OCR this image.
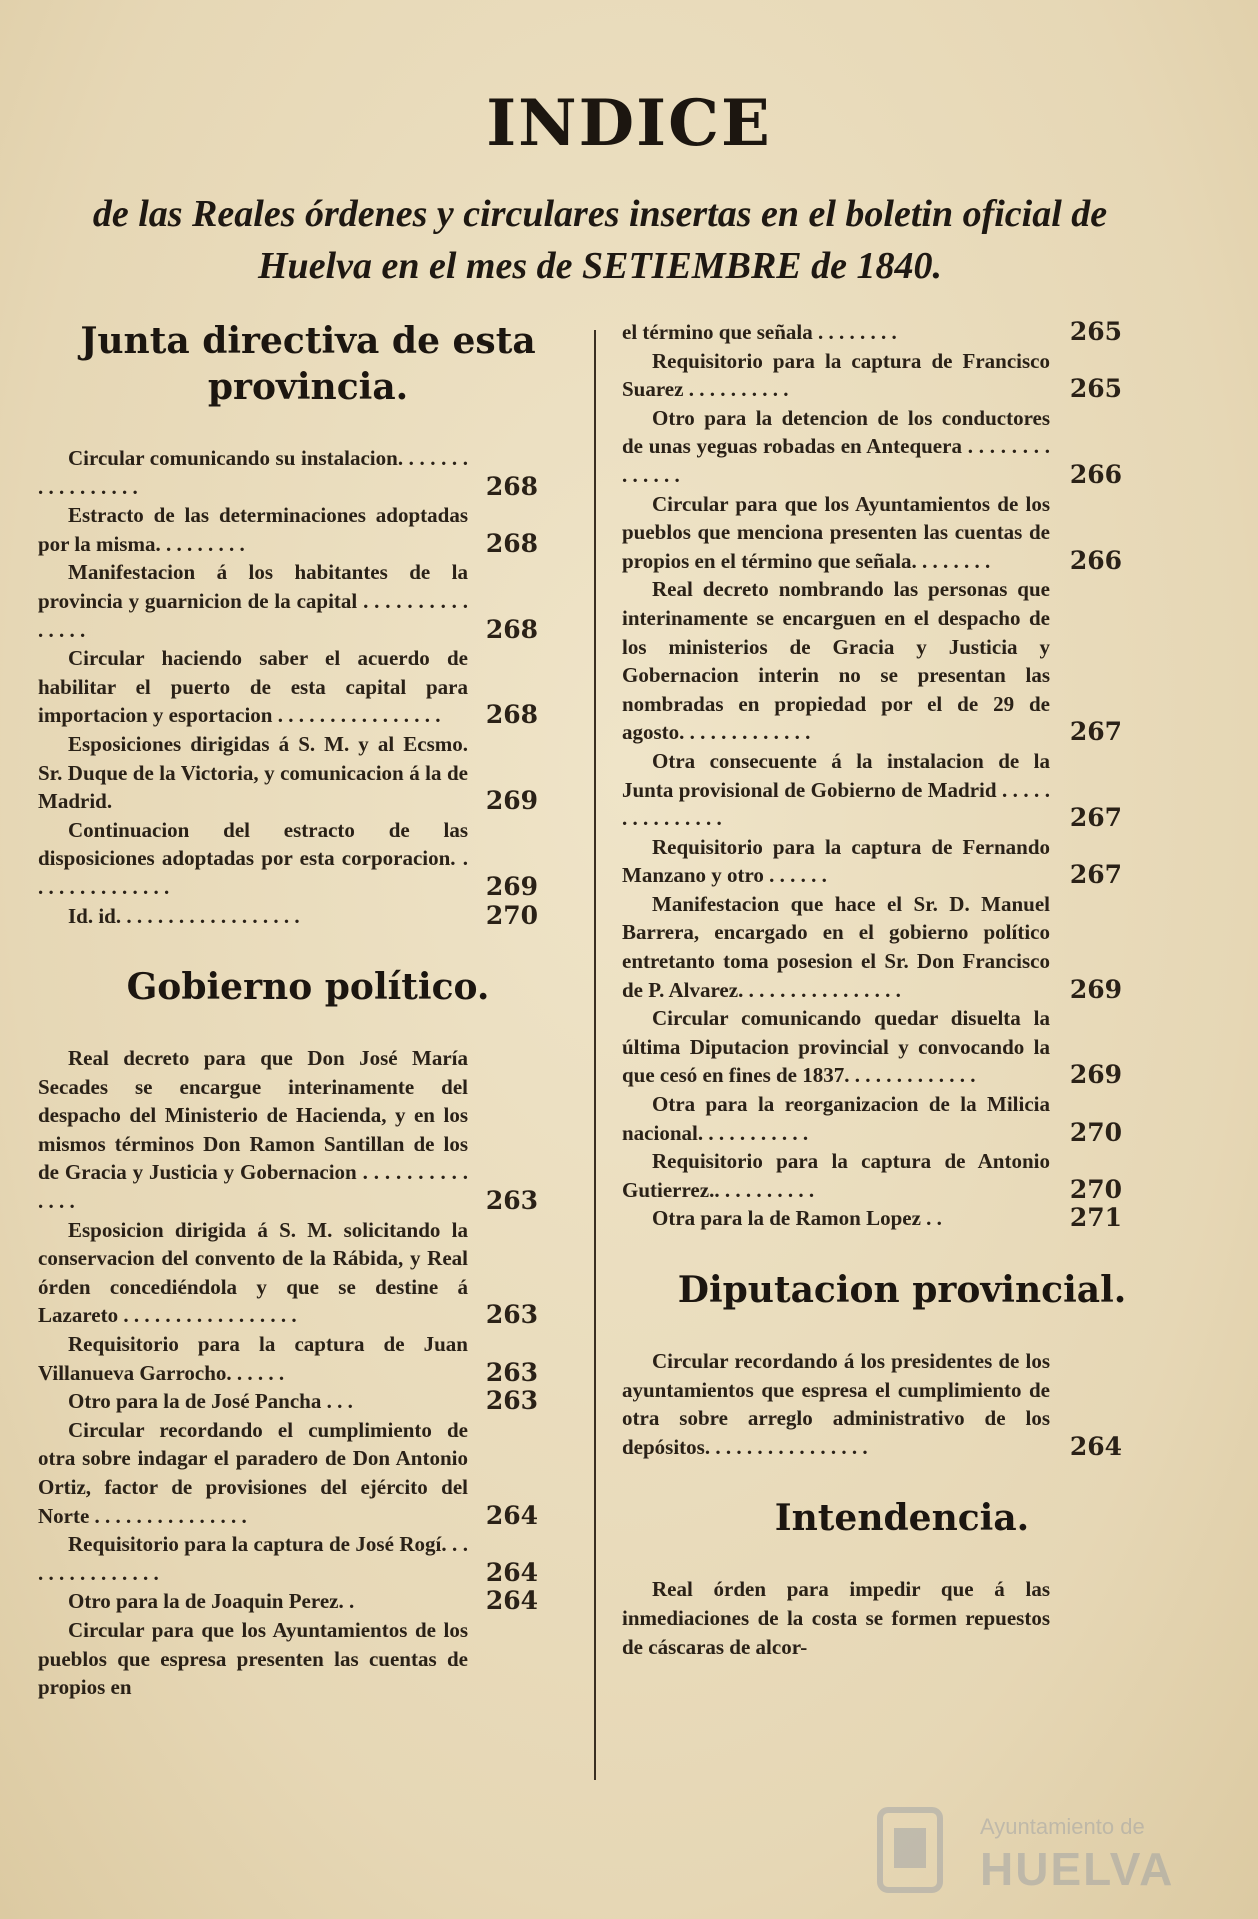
INDICE
de las Reales órdenes y circulares insertas en el boletin oficial de Huelva en el mes de SETIEMBRE de 1840.
Junta directiva de esta provincia.
Circular comunicando su instalacion. . . . . . . . . . . . . . . . .	268
Estracto de las determinaciones adoptadas por la misma. . . . . . . . .	268
Manifestacion á los habitantes de la provincia y guarnicion de la capital . . . . . . . . . . . . . . .	268
Circular haciendo saber el acuerdo de habilitar el puerto de esta capital para importacion y esportacion . . . . . . . . . . . . . . . .	268
Esposiciones dirigidas á S. M. y al Ecsmo. Sr. Duque de la Victoria, y comunicacion á la de Madrid.	269
Continuacion del estracto de las disposiciones adoptadas por esta corporacion. . . . . . . . . . . . . . .	269
Id. id. . . . . . . . . . . . . . . . . .	270
Gobierno político.
Real decreto para que Don José María Secades se encargue interinamente del despacho del Ministerio de Hacienda, y en los mismos términos Don Ramon Santillan de los de Gracia y Justicia y Gobernacion . . . . . . . . . . . . . .	263
Esposicion dirigida á S. M. solicitando la conservacion del convento de la Rábida, y Real órden concediéndola y que se destine á Lazareto . . . . . . . . . . . . . . . . .	263
Requisitorio para la captura de Juan Villanueva Garrocho. . . . . .	263
Otro para la de José Pancha . . .	263
Circular recordando el cumplimiento de otra sobre indagar el paradero de Don Antonio Ortiz, factor de provisiones del ejército del Norte . . . . . . . . . . . . . . .	264
Requisitorio para la captura de José Rogí. . . . . . . . . . . . . . .	264
Otro para la de Joaquin Perez. .	264
Circular para que los Ayuntamientos de los pueblos que espresa presenten las cuentas de propios en
el término que señala . . . . . . . .	265
Requisitorio para la captura de Francisco Suarez . . . . . . . . . .	265
Otro para la detencion de los conductores de unas yeguas robadas en Antequera . . . . . . . . . . . . . .	266
Circular para que los Ayuntamientos de los pueblos que menciona presenten las cuentas de propios en el término que señala. . . . . . . .	266
Real decreto nombrando las personas que interinamente se encarguen en el despacho de los ministerios de Gracia y Justicia y Gobernacion interin no se presentan las nombradas en propiedad por el de 29 de agosto. . . . . . . . . . . . .	267
Otra consecuente á la instalacion de la Junta provisional de Gobierno de Madrid . . . . . . . . . . . . . . .	267
Requisitorio para la captura de Fernando Manzano y otro . . . . . .	267
Manifestacion que hace el Sr. D. Manuel Barrera, encargado en el gobierno político entretanto toma posesion el Sr. Don Francisco de P. Alvarez. . . . . . . . . . . . . . . .	269
Circular comunicando quedar disuelta la última Diputacion provincial y convocando la que cesó en fines de 1837. . . . . . . . . . . . .	269
Otra para la reorganizacion de la Milicia nacional. . . . . . . . . . .	270
Requisitorio para la captura de Antonio Gutierrez.. . . . . . . . . .	270
Otra para la de Ramon Lopez . .	271
Diputacion provincial.
Circular recordando á los presidentes de los ayuntamientos que espresa el cumplimiento de otra sobre arreglo administrativo de los depósitos. . . . . . . . . . . . . . . .	264
Intendencia.
Real órden para impedir que á las inmediaciones de la costa se formen repuestos de cáscaras de alcor-
Ayuntamiento de
HUELVA
